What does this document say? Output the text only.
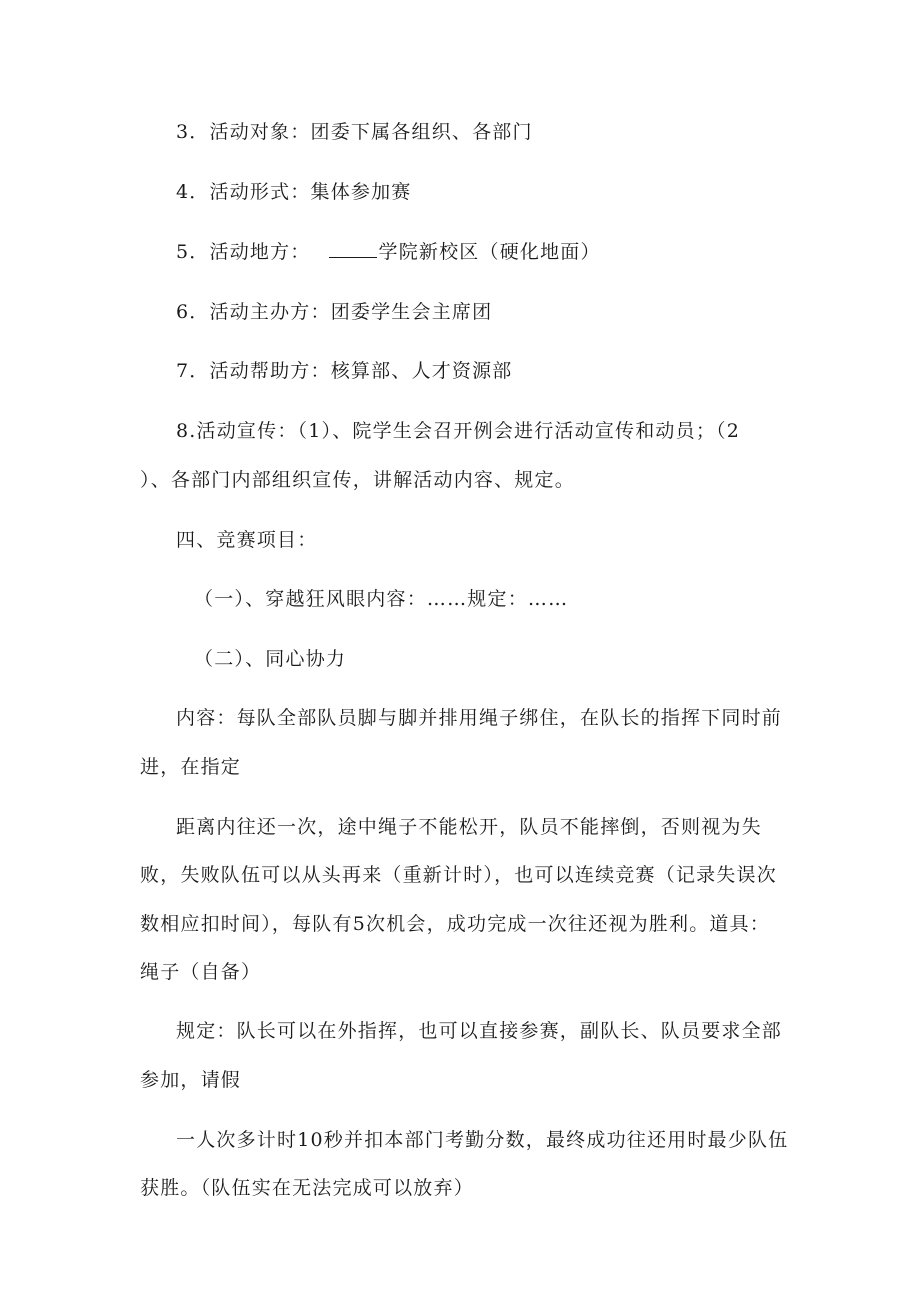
3．活动对象：团委下属各组织、各部门
4．活动形式：集体参加赛
5．活动地方：	学院新校区（硬化地面）
6．活动主办方：团委学生会主席团
7．活动帮助方：核算部、人才资源部
8.活动宣传：（1）、院学生会召开例会进行活动宣传和动员；（2
）、各部门内部组织宣传，讲解活动内容、规定。
四、竞赛项目：
（一）、穿越狂风眼内容：……规定：……
（二）、同心协力
内容：每队全部队员脚与脚并排用绳子绑住，在队长的指挥下同时前
进，在指定
距离内往还一次，途中绳子不能松开，队员不能摔倒，否则视为失
败，失败队伍可以从头再来（重新计时），也可以连续竞赛（记录失误次
数相应扣时间），每队有5次机会，成功完成一次往还视为胜利。道具：
绳子（自备）
规定：队长可以在外指挥，也可以直接参赛，副队长、队员要求全部
参加，请假
一人次多计时10秒并扣本部门考勤分数，最终成功往还用时最少队伍
获胜。（队伍实在无法完成可以放弃）
